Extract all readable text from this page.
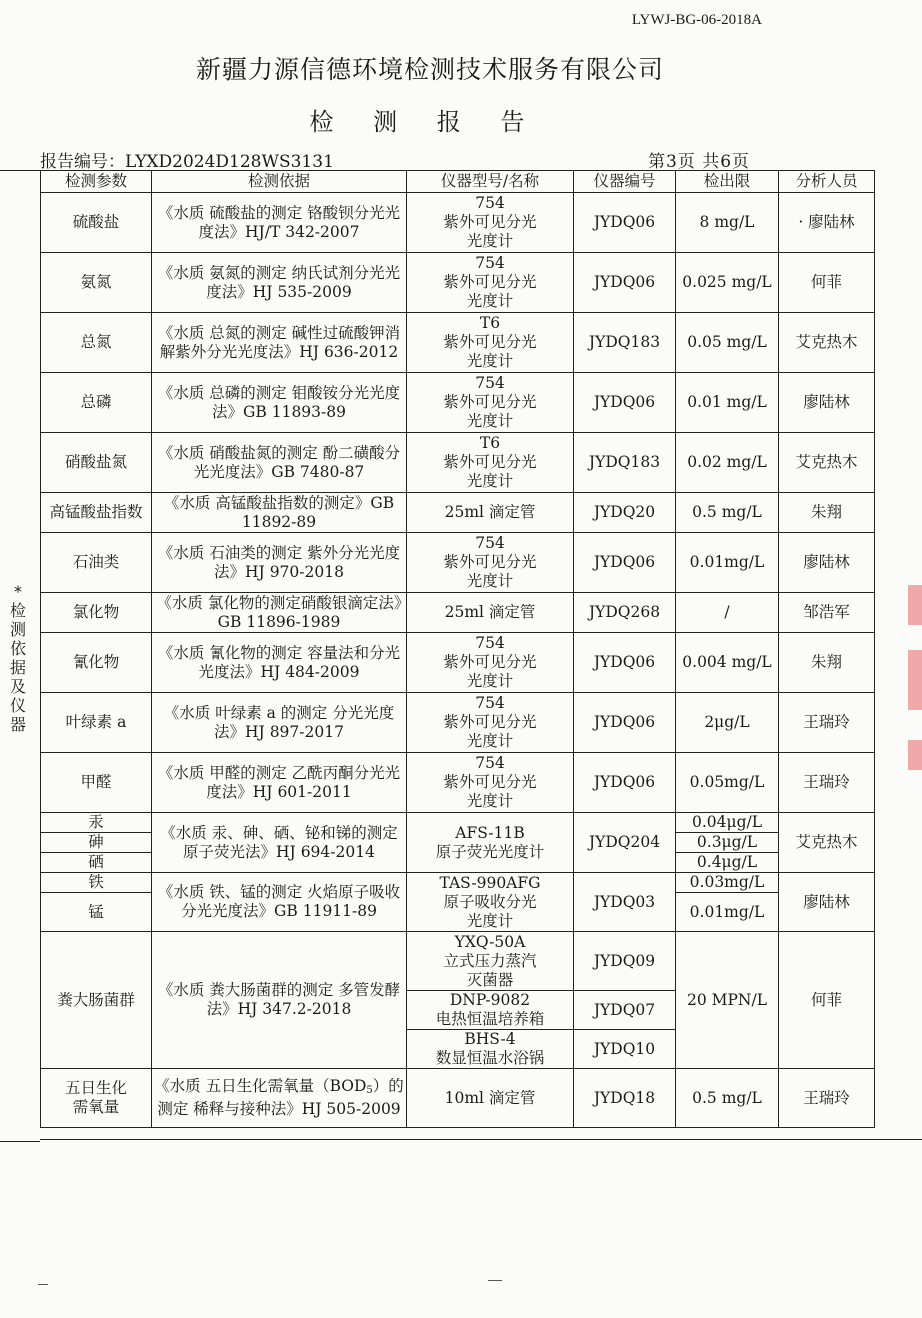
LYWJ-BG-06-2018A
新疆力源信德环境检测技术服务有限公司
检 测 报 告
报告编号：LYXD2024D128WS3131	第3页 共6页
*
检
测
依
据
及
仪
器
检测参数	检测依据	仪器型号/名称	仪器编号	检出限	分析人员
硫酸盐	《水质 硫酸盐的测定 铬酸钡分光光度法》HJ/T 342-2007	754
紫外可见分光
光度计	JYDQ06	8 mg/L	· 廖陆林
氨氮	《水质 氨氮的测定 纳氏试剂分光光度法》HJ 535-2009	754
紫外可见分光
光度计	JYDQ06	0.025 mg/L	何菲
总氮	《水质 总氮的测定 碱性过硫酸钾消解紫外分光光度法》HJ 636-2012	T6
紫外可见分光
光度计	JYDQ183	0.05 mg/L	艾克热木
总磷	《水质 总磷的测定 钼酸铵分光光度法》GB 11893-89	754
紫外可见分光
光度计	JYDQ06	0.01 mg/L	廖陆林
硝酸盐氮	《水质 硝酸盐氮的测定 酚二磺酸分光光度法》GB 7480-87	T6
紫外可见分光
光度计	JYDQ183	0.02 mg/L	艾克热木
高锰酸盐指数	《水质 高锰酸盐指数的测定》GB 11892-89	25ml 滴定管	JYDQ20	0.5 mg/L	朱翔
石油类	《水质 石油类的测定 紫外分光光度法》HJ 970-2018	754
紫外可见分光
光度计	JYDQ06	0.01mg/L	廖陆林
氯化物	《水质 氯化物的测定硝酸银滴定法》GB 11896-1989	25ml 滴定管	JYDQ268	/	邹浩军
氰化物	《水质 氰化物的测定 容量法和分光光度法》HJ 484-2009	754
紫外可见分光
光度计	JYDQ06	0.004 mg/L	朱翔
叶绿素 a	《水质 叶绿素 a 的测定 分光光度法》HJ 897-2017	754
紫外可见分光
光度计	JYDQ06	2μg/L	王瑞玲
甲醛	《水质 甲醛的测定 乙酰丙酮分光光度法》HJ 601-2011	754
紫外可见分光
光度计	JYDQ06	0.05mg/L	王瑞玲
汞	《水质 汞、砷、硒、铋和锑的测定 原子荧光法》HJ 694-2014	AFS-11B
原子荧光光度计	JYDQ204	0.04μg/L	艾克热木
砷				0.3μg/L	
硒				0.4μg/L	
铁	《水质 铁、锰的测定 火焰原子吸收分光光度法》GB 11911-89	TAS-990AFG
原子吸收分光
光度计	JYDQ03	0.03mg/L	廖陆林
锰				0.01mg/L	
粪大肠菌群	《水质 粪大肠菌群的测定 多管发酵法》HJ 347.2-2018	YXQ-50A
立式压力蒸汽
灭菌器	JYDQ09	20 MPN/L	何菲
		DNP-9082
电热恒温培养箱	JYDQ07		
		BHS-4
数显恒温水浴锅	JYDQ10		
五日生化
需氧量	《水质 五日生化需氧量$(BOD_5)$的测定 稀释与接种法》HJ 505-2009	10ml 滴定管	JYDQ18	0.5 mg/L	王瑞玲
